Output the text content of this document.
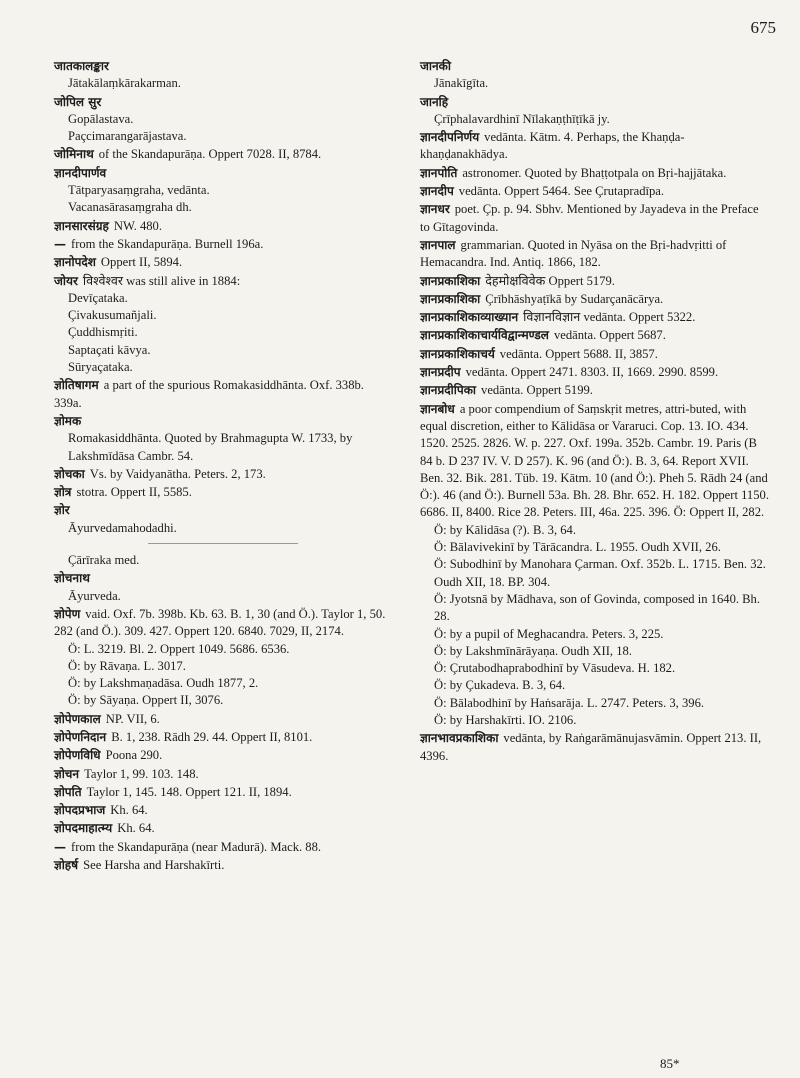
675
जातकालङ्कार
Jātakālaṃkārakarman.
जोपिल सुर
Gopālastava.
Paçcimarangarājastava.
जोमिनाथ of the Skandapurāṇa. Oppert 7028. II, 8784.
ज्ञानदीपार्णव
Tātparyasaṃgraha, vedānta.
Vacanasārasaṃgraha dh.
ज्ञानसारसंग्रह NW. 480.
— from the Skandapurāṇa. Burnell 196a.
ज्ञानोपदेश Oppert II, 5894.
जोयर विश्वेश्वर was still alive in 1884:
Devīçataka.
Çivakusumañjali.
Çuddhismṛiti.
Saptaçati kāvya.
Sūryaçataka.
ज्ञोतिषागम a part of the spurious Romakasiddhānta. Oxf. 338b. 339a.
ज्ञोमक
Romakasiddhānta. Quoted by Brahmagupta W. 1733, by Lakshmīdāsa Cambr. 54.
ज्ञोचका Vs. by Vaidyanātha. Peters. 2, 173.
ज्ञोत्र stotra. Oppert II, 5585.
ज्ञोर
Āyurvedamahodadhi.
Çārīraka med.
ज्ञोचनाथ
Āyurveda.
ज्ञोपेण vaid. Oxf. 7b. 398b. Kb. 63. B. 1, 30 (and Ö.). Taylor 1, 50. 282 (and Ö.). 309. 427. Oppert 120. 6840. 7029, II, 2174.
Ö: L. 3219. Bl. 2. Oppert 1049. 5686. 6536.
Ö: by Rāvaṇa. L. 3017.
Ö: by Lakshmaṇadāsa. Oudh 1877, 2.
Ö: by Sāyaṇa. Oppert II, 3076.
ज्ञोपेणकाल NP. VII, 6.
ज्ञोपेणनिदान B. 1, 238. Rādh 29. 44. Oppert II, 8101.
ज्ञोपेणविधि Poona 290.
ज्ञोचन Taylor 1, 99. 103. 148.
ज्ञोपति Taylor 1, 145. 148. Oppert 121. II, 1894.
ज्ञोपदप्रभाज Kh. 64.
ज्ञोपदमाहात्म्य Kh. 64.
— from the Skandapurāṇa (near Madurā). Mack. 88.
ज्ञोहर्ष See Harsha and Harshakīrti.
जानकी
Jānakīgīta.
जानहि
Çrīphalavardhinī Nīlakaṇṭhīṭīkā jy.
ज्ञानदीपनिर्णय vedānta. Kātm. 4. Perhaps, the Khaṇḍa-khaṇḍanakhādya.
ज्ञानपोति astronomer. Quoted by Bhaṭṭotpala on Bṛi-hajjātaka.
ज्ञानदीप vedānta. Oppert 5464. See Çrutapradīpa.
ज्ञानधर poet. Çp. p. 94. Sbhv. Mentioned by Jayadeva in the Preface to Gītagovinda.
ज्ञानपाल grammarian. Quoted in Nyāsa on the Bṛi-hadvṛitti of Hemacandra. Ind. Antiq. 1866, 182.
ज्ञानप्रकाशिका देहमोक्षविवेक Oppert 5179.
ज्ञानप्रकाशिका Çrībhāshyaṭīkā by Sudarçanācārya.
ज्ञानप्रकाशिकाव्याख्यान विज्ञानविज्ञान vedānta. Oppert 5322.
ज्ञानप्रकाशिकाचार्यविद्वान्मण्डल vedānta. Oppert 5687.
ज्ञानप्रकाशिकाचर्य vedānta. Oppert 5688. II, 3857.
ज्ञानप्रदीप vedānta. Oppert 2471. 8303. II, 1669. 2990. 8599.
ज्ञानप्रदीपिका vedānta. Oppert 5199.
ज्ञानबोध a poor compendium of Saṃskṛit metres, attri-buted, with equal discretion, either to Kālidāsa or Vararuci. Cop. 13. IO. 434. 1520. 2525. 2826. W. p. 227. Oxf. 199a. 352b. Cambr. 19. Paris (B 84 b. D 237 IV. V. D 257). K. 96 (and Ö:). B. 3, 64. Report XVII. Ben. 32. Bik. 281. Tüb. 19. Kātm. 10 (and Ö:). Pheh 5. Rādh 24 (and Ö:). 46 (and Ö:). Burnell 53a. Bh. 28. Bhr. 652. H. 182. Oppert 1150. 6686. II, 8400. Rice 28. Peters. III, 46a. 225. 396. Ö: Oppert II, 282.
Ö: by Kālidāsa (?). B. 3, 64.
Ö: Bālavivekinī by Tārācandra. L. 1955. Oudh XVII, 26.
Ö: Subodhinī by Manohara Çarman. Oxf. 352b. L. 1715. Ben. 32. Oudh XII, 18. BP. 304.
Ö: Jyotsnā by Mādhava, son of Govinda, composed in 1640. Bh. 28.
Ö: by a pupil of Meghacandra. Peters. 3, 225.
Ö: by Lakshmīnārāyaṇa. Oudh XII, 18.
Ö: Çrutabodhaprabodhinī by Vāsudeva. H. 182.
Ö: by Çukadeva. B. 3, 64.
Ö: Bālabodhinī by Haṅsarāja. L. 2747. Peters. 3, 396.
Ö: by Harshakīrti. IO. 2106.
ज्ञानभावप्रकाशिका vedānta, by Raṅgarāmānujasvāmin. Oppert 213. II, 4396.
85*
